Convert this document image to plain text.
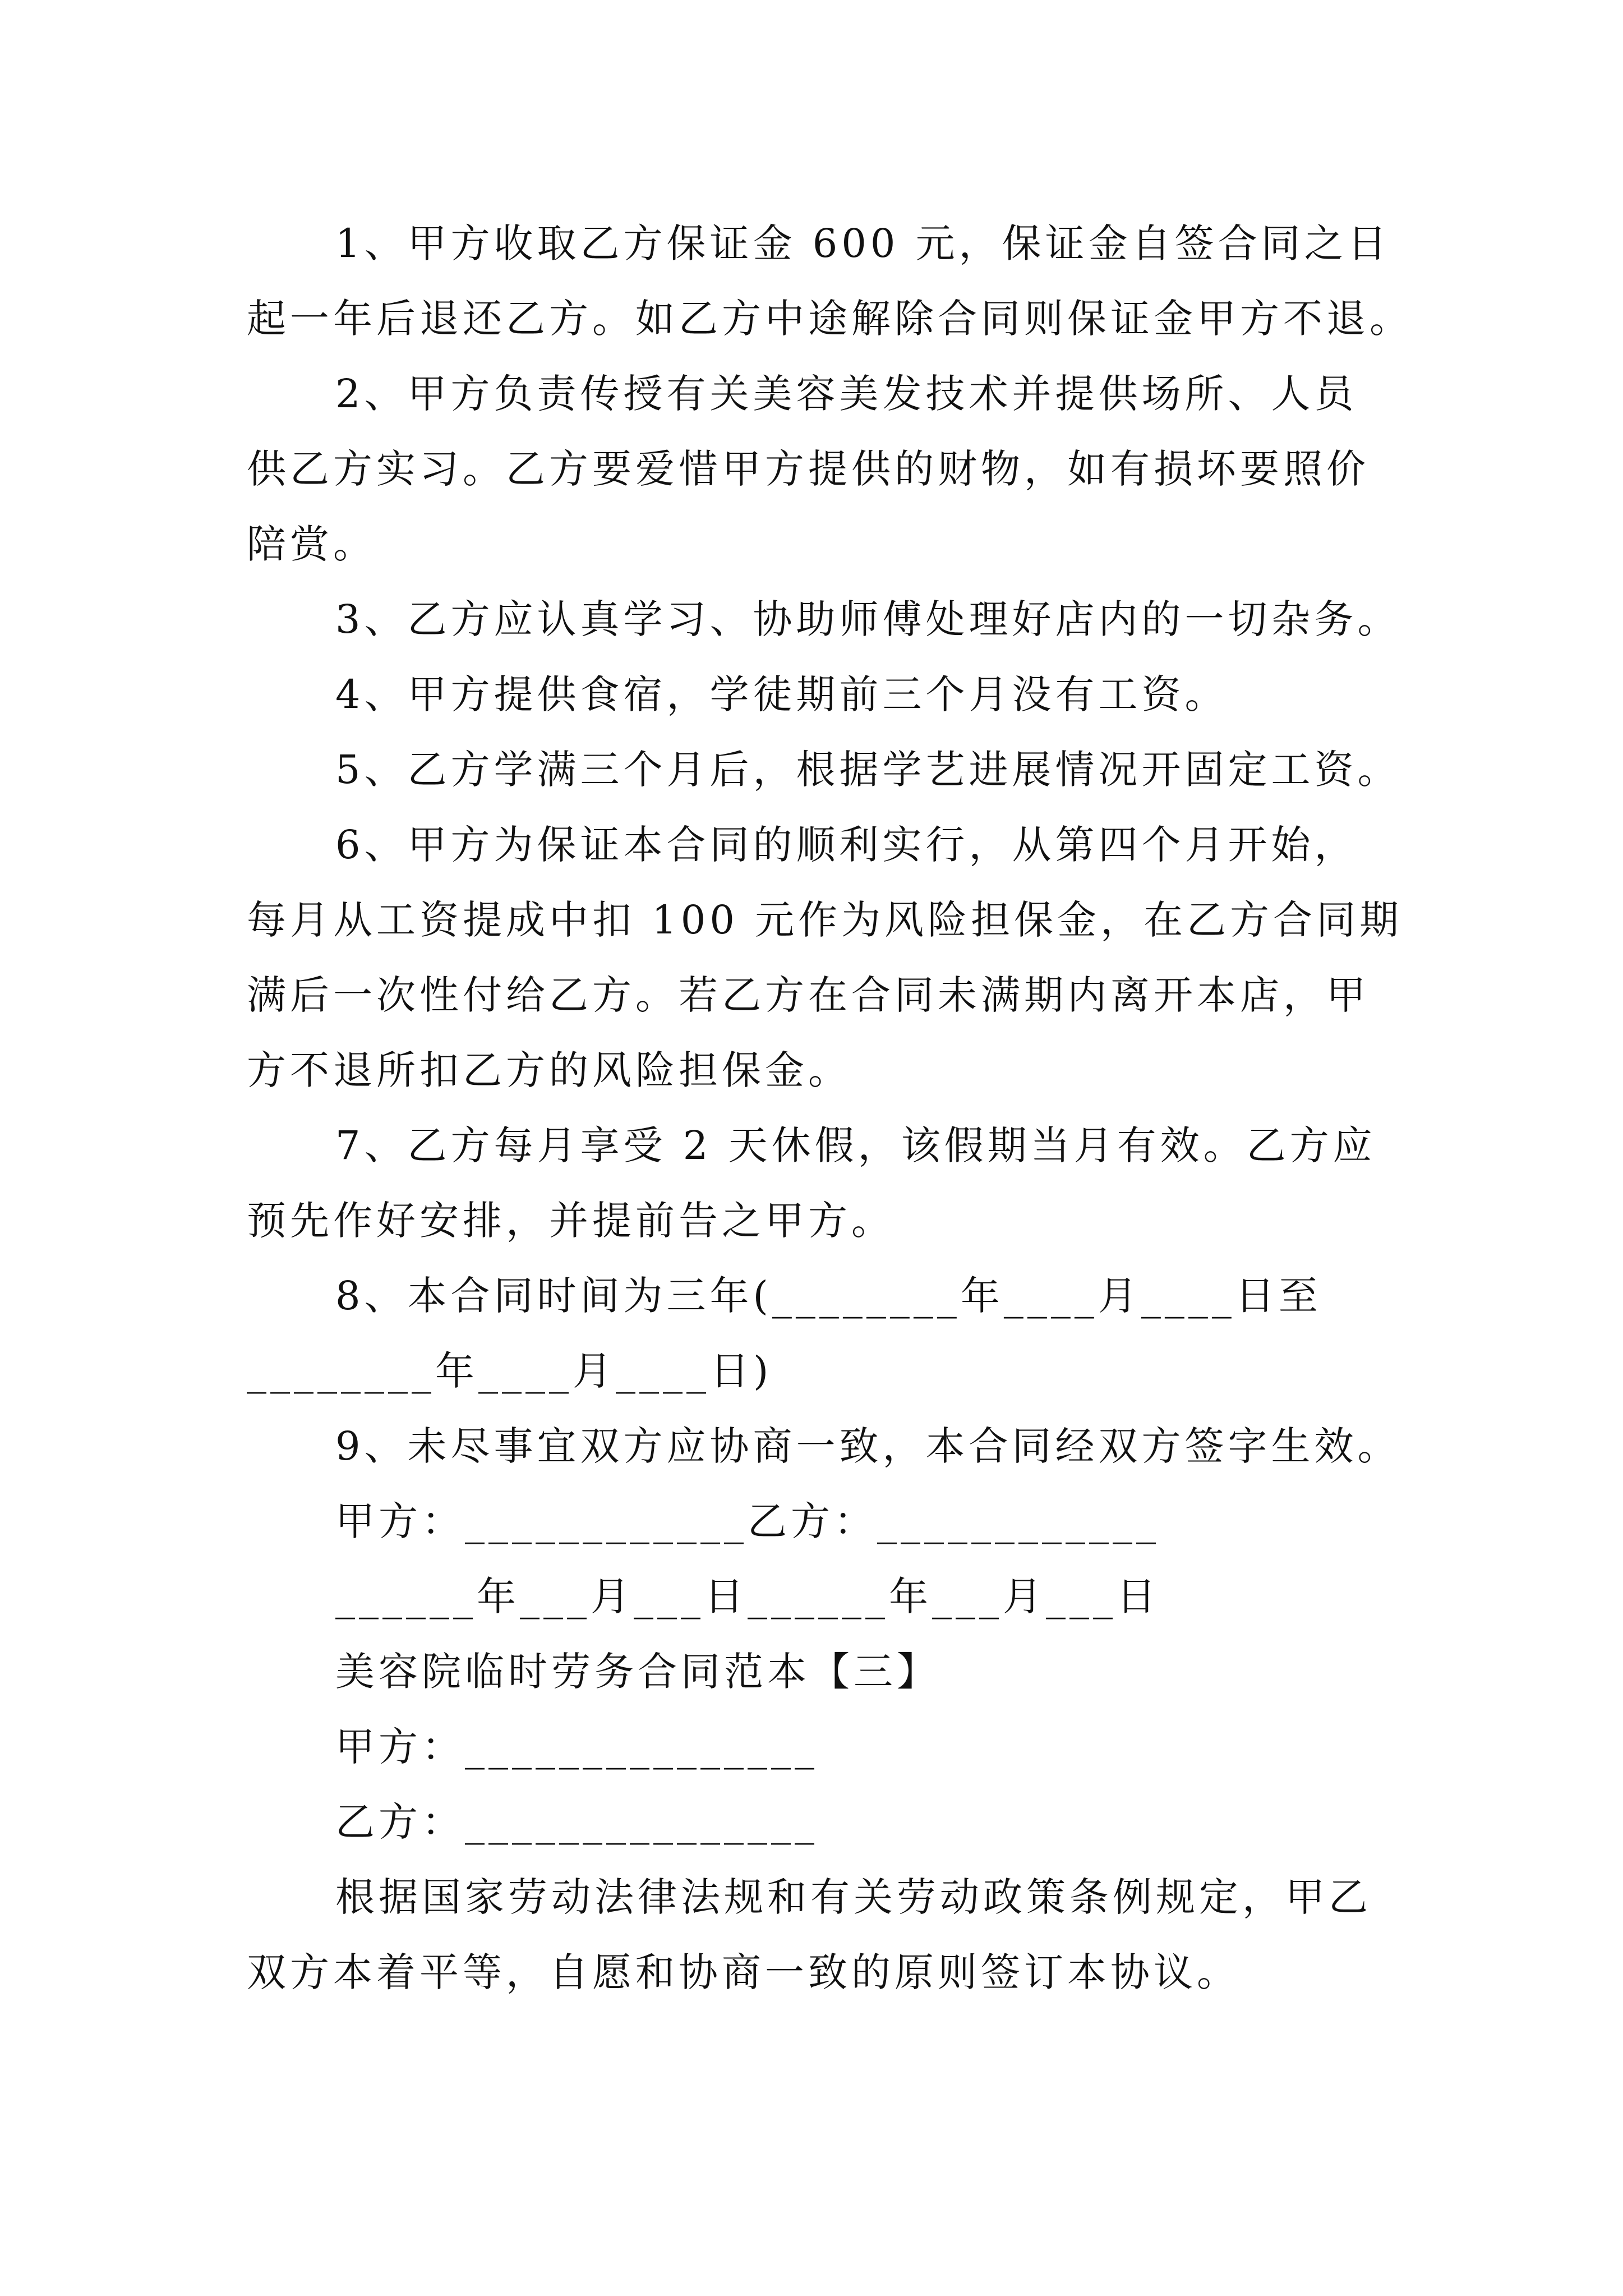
1、甲方收取乙方保证金 600 元，保证金自签合同之日
起一年后退还乙方。如乙方中途解除合同则保证金甲方不退。
2、甲方负责传授有关美容美发技术并提供场所、人员
供乙方实习。乙方要爱惜甲方提供的财物，如有损坏要照价
陪赏。
3、乙方应认真学习、协助师傅处理好店内的一切杂务。
4、甲方提供食宿，学徒期前三个月没有工资。
5、乙方学满三个月后，根据学艺进展情况开固定工资。
6、甲方为保证本合同的顺利实行，从第四个月开始，
每月从工资提成中扣 100 元作为风险担保金，在乙方合同期
满后一次性付给乙方。若乙方在合同未满期内离开本店，甲
方不退所扣乙方的风险担保金。
7、乙方每月享受 2 天休假，该假期当月有效。乙方应
预先作好安排，并提前告之甲方。
8、本合同时间为三年(________年____月____日至
________年____月____日)
9、未尽事宜双方应协商一致，本合同经双方签字生效。
甲方：____________乙方：____________
______年___月___日______年___月___日
美容院临时劳务合同范本【三】
甲方：_______________
乙方：_______________
根据国家劳动法律法规和有关劳动政策条例规定，甲乙
双方本着平等，自愿和协商一致的原则签订本协议。
